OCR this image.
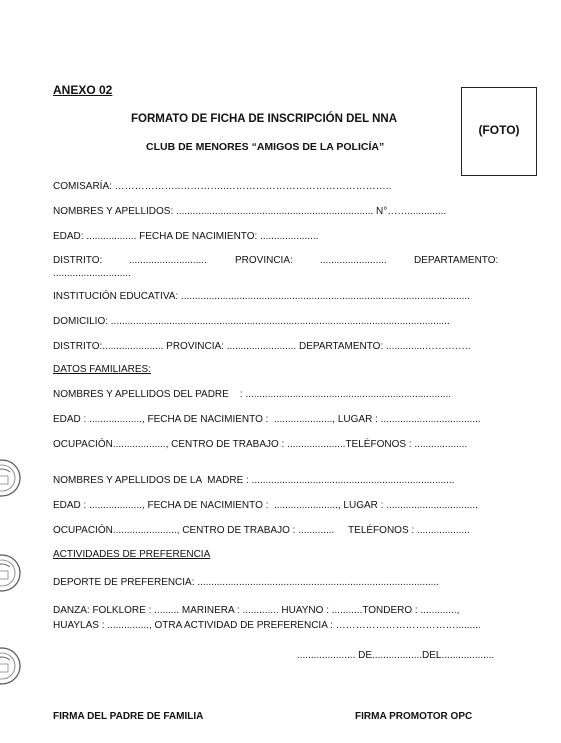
ANEXO 02
FORMATO DE FICHA DE INSCRIPCIÓN DEL NNA
CLUB DE MENORES “AMIGOS DE LA POLICÍA”
(FOTO)
COMISARÍA: ………………..…………..…………………………………………..
NOMBRES Y APELLIDOS: ....................................................................... N°……..............
EDAD: .................. FECHA DE NACIMIENTO: .....................
DISTRITO:	............................	PROVINCIA:	........................	DEPARTAMENTO:
............................
INSTITUCIÓN EDUCATIVA: ........................................................................................................
DOMICILIO: ..........................................................................................................................
DISTRITO:...................... PROVINCIA: ......................... DEPARTAMENTO: ..............…………..
DATOS FAMILIARES:
NOMBRES Y APELLIDOS DEL PADRE    : ..........................................................................
EDAD : ..................., FECHA DE NACIMIENTO :  ....................., LUGAR : ....................................
OCUPACIÓN..................., CENTRO DE TRABAJO : .....................TELÉFONOS : ...................
NOMBRES Y APELLIDOS DE LA  MADRE : .........................................................................
EDAD : ..................., FECHA DE NACIMIENTO :  ......................., LUGAR : .................................
OCUPACIÓN......................., CENTRO DE TRABAJO : .............     TELÉFONOS : ...................
ACTIVIDADES DE PREFERENCIA
DEPORTE DE PREFERENCIA: .......................................................................................
DANZA: FOLKLORE : ......... MARINERA : ............. HUAYNO : ...........TONDERO : .............,
HUAYLAS : ..............., OTRA ACTIVIDAD DE PREFERENCIA : ……………………………….........
..................... DE..................DEL...................
FIRMA DEL PADRE DE FAMILIA	FIRMA PROMOTOR OPC
